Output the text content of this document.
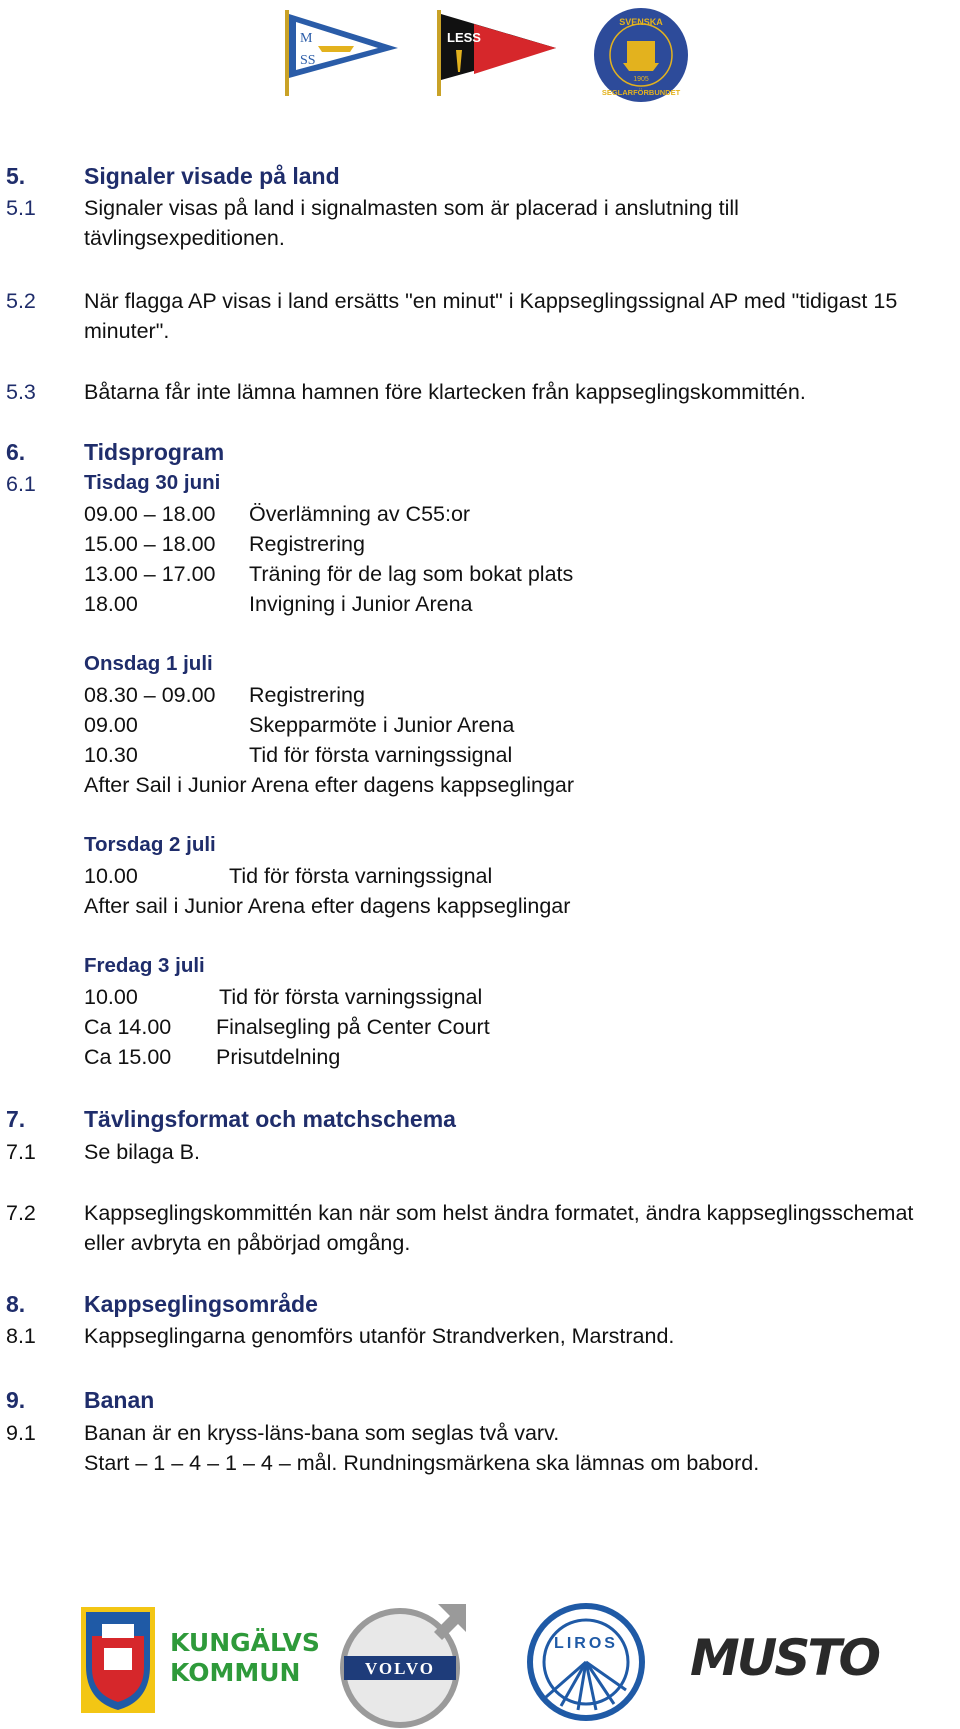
M
SS
LESS
SVENSKA
SEGLARFÖRBUNDET
1905
5.	Signaler visade på land
5.1 Signaler visas på land i signalmasten som är placerad i anslutning till
tävlingsexpeditionen.
5.2 När flagga AP visas i land ersätts "en minut" i Kappseglingssignal AP med "tidigast 15
minuter".
5.3 Båtarna får inte lämna hamnen före klartecken från kappseglingskommittén.
6.	Tidsprogram
6.1 Tisdag 30 juni
09.00 – 18.00 Överlämning av C55:or
15.00 – 18.00 Registrering
13.00 – 17.00 Träning för de lag som bokat plats
18.00	Invigning i Junior Arena
Onsdag 1 juli
08.30 – 09.00 Registrering
09.00	Skepparmöte i Junior Arena
10.30	Tid för första varningssignal
After Sail i Junior Arena efter dagens kappseglingar
Torsdag 2 juli
10.00	Tid för första varningssignal
After sail i Junior Arena efter dagens kappseglingar
Fredag 3 juli
10.00	Tid för första varningssignal
Ca 14.00 Finalsegling på Center Court
Ca 15.00 Prisutdelning
7.	Tävlingsformat och matchschema
7.1 Se bilaga B.
7.2 Kappseglingskommittén kan när som helst ändra formatet, ändra kappseglingsschemat
eller avbryta en påbörjad omgång.
8.	Kappseglingsområde
8.1 Kappseglingarna genomförs utanför Strandverken, Marstrand.
9.	Banan
9.1 Banan är en kryss-läns-bana som seglas två varv.
Start – 1 – 4 – 1 – 4 – mål. Rundningsmärkena ska lämnas om babord.
KUNGÄLVS
KOMMUN	VOLVO
LIROS MUSTO
